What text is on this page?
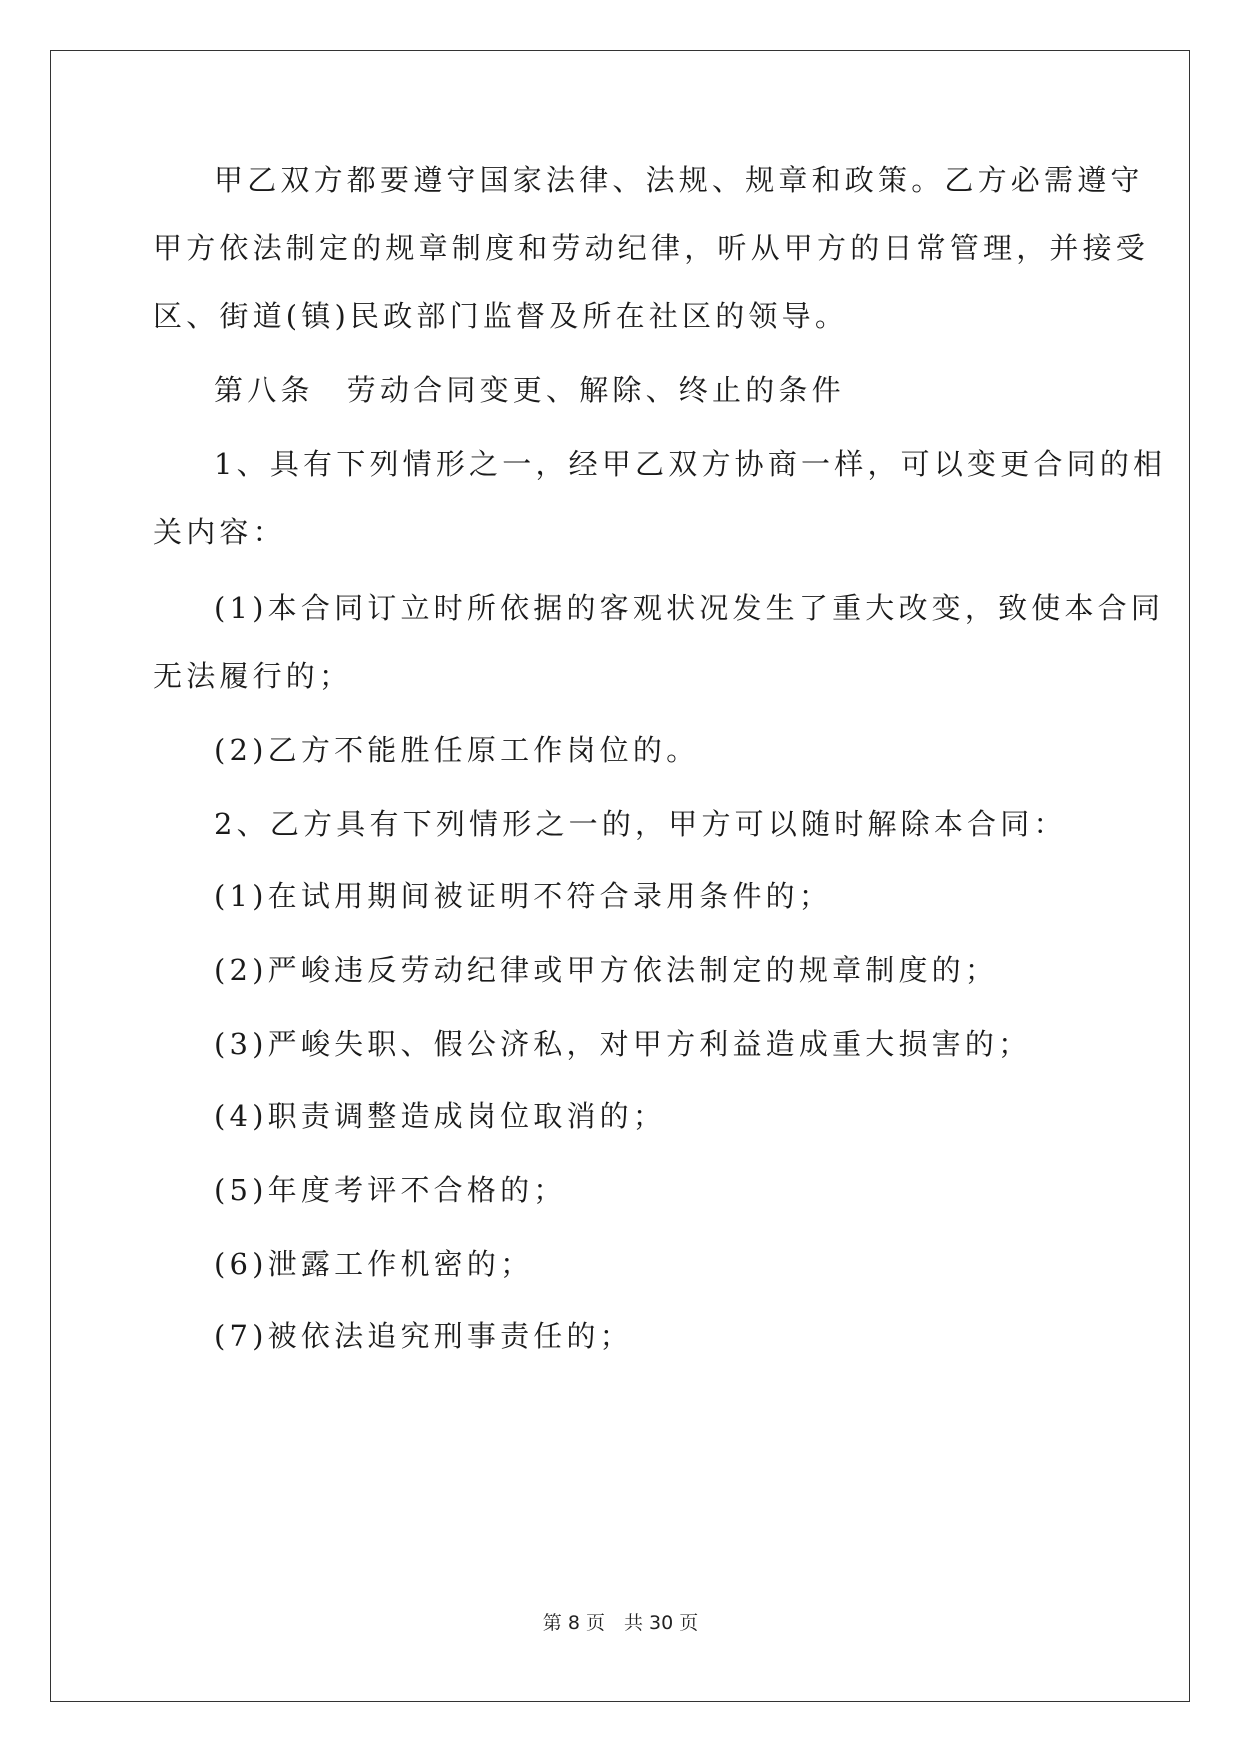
甲乙双方都要遵守国家法律、法规、规章和政策。乙方必需遵守
甲方依法制定的规章制度和劳动纪律，听从甲方的日常管理，并接受
区、街道(镇)民政部门监督及所在社区的领导。
第八条　劳动合同变更、解除、终止的条件
1、具有下列情形之一，经甲乙双方协商一样，可以变更合同的相
关内容：
(1)本合同订立时所依据的客观状况发生了重大改变，致使本合同
无法履行的；
(2)乙方不能胜任原工作岗位的。
2、乙方具有下列情形之一的，甲方可以随时解除本合同：
(1)在试用期间被证明不符合录用条件的；
(2)严峻违反劳动纪律或甲方依法制定的规章制度的；
(3)严峻失职、假公济私，对甲方利益造成重大损害的；
(4)职责调整造成岗位取消的；
(5)年度考评不合格的；
(6)泄露工作机密的；
(7)被依法追究刑事责任的；
第 8 页　共 30 页
